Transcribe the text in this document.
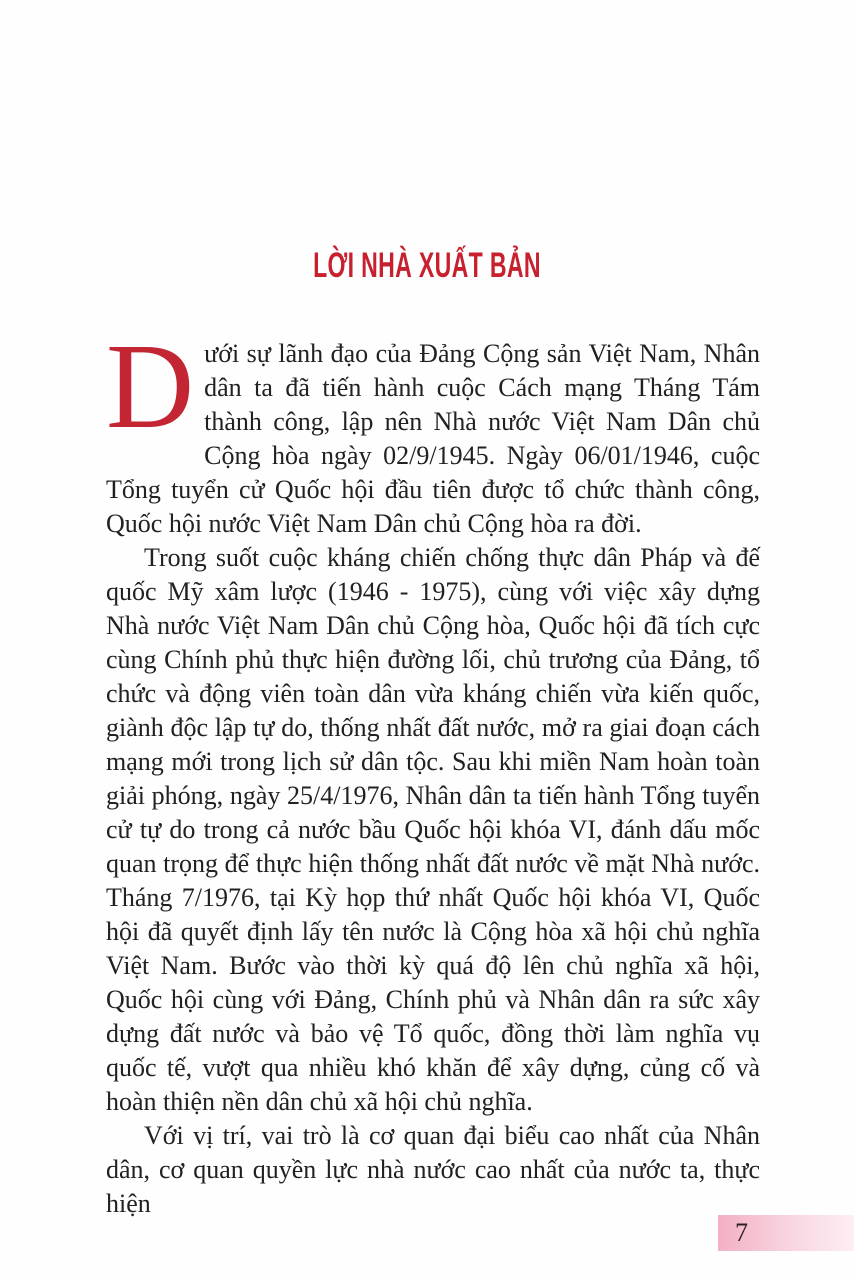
LỜI NHÀ XUẤT BẢN

Dưới sự lãnh đạo của Đảng Cộng sản Việt Nam, Nhân dân ta đã tiến hành cuộc Cách mạng Tháng Tám thành công, lập nên Nhà nước Việt Nam Dân chủ Cộng hòa ngày 02/9/1945. Ngày 06/01/1946, cuộc Tổng tuyển cử Quốc hội đầu tiên được tổ chức thành công, Quốc hội nước Việt Nam Dân chủ Cộng hòa ra đời.

Trong suốt cuộc kháng chiến chống thực dân Pháp và đế quốc Mỹ xâm lược (1946 - 1975), cùng với việc xây dựng Nhà nước Việt Nam Dân chủ Cộng hòa, Quốc hội đã tích cực cùng Chính phủ thực hiện đường lối, chủ trương của Đảng, tổ chức và động viên toàn dân vừa kháng chiến vừa kiến quốc, giành độc lập tự do, thống nhất đất nước, mở ra giai đoạn cách mạng mới trong lịch sử dân tộc. Sau khi miền Nam hoàn toàn giải phóng, ngày 25/4/1976, Nhân dân ta tiến hành Tổng tuyển cử tự do trong cả nước bầu Quốc hội khóa VI, đánh dấu mốc quan trọng để thực hiện thống nhất đất nước về mặt Nhà nước. Tháng 7/1976, tại Kỳ họp thứ nhất Quốc hội khóa VI, Quốc hội đã quyết định lấy tên nước là Cộng hòa xã hội chủ nghĩa Việt Nam. Bước vào thời kỳ quá độ lên chủ nghĩa xã hội, Quốc hội cùng với Đảng, Chính phủ và Nhân dân ra sức xây dựng đất nước và bảo vệ Tổ quốc, đồng thời làm nghĩa vụ quốc tế, vượt qua nhiều khó khăn để xây dựng, củng cố và hoàn thiện nền dân chủ xã hội chủ nghĩa.

Với vị trí, vai trò là cơ quan đại biểu cao nhất của Nhân dân, cơ quan quyền lực nhà nước cao nhất của nước ta, thực hiện

7
